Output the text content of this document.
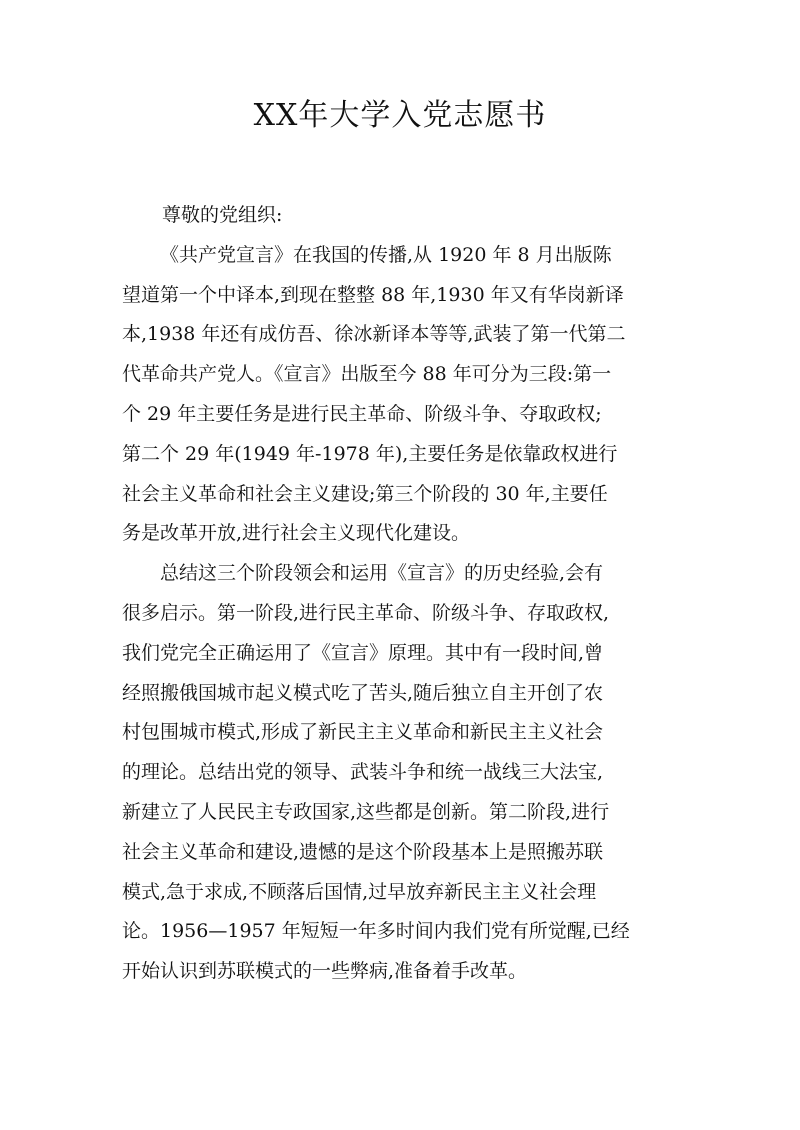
XX年大学入党志愿书

尊敬的党组织:

《共产党宣言》在我国的传播,从 1920 年 8 月出版陈
望道第一个中译本,到现在整整 88 年,1930 年又有华岗新译
本,1938 年还有成仿吾、徐冰新译本等等,武装了第一代第二
代革命共产党人。《宣言》出版至今 88 年可分为三段:第一
个 29 年主要任务是进行民主革命、阶级斗争、夺取政权;
第二个 29 年(1949 年-1978 年),主要任务是依靠政权进行
社会主义革命和社会主义建设;第三个阶段的 30 年,主要任
务是改革开放,进行社会主义现代化建设。

总结这三个阶段领会和运用《宣言》的历史经验,会有
很多启示。第一阶段,进行民主革命、阶级斗争、存取政权,
我们党完全正确运用了《宣言》原理。其中有一段时间,曾
经照搬俄国城市起义模式吃了苦头,随后独立自主开创了农
村包围城市模式,形成了新民主主义革命和新民主主义社会
的理论。总结出党的领导、武装斗争和统一战线三大法宝,
新建立了人民民主专政国家,这些都是创新。第二阶段,进行
社会主义革命和建设,遗憾的是这个阶段基本上是照搬苏联
模式,急于求成,不顾落后国情,过早放弃新民主主义社会理
论。1956—1957 年短短一年多时间内我们党有所觉醒,已经
开始认识到苏联模式的一些弊病,准备着手改革。
